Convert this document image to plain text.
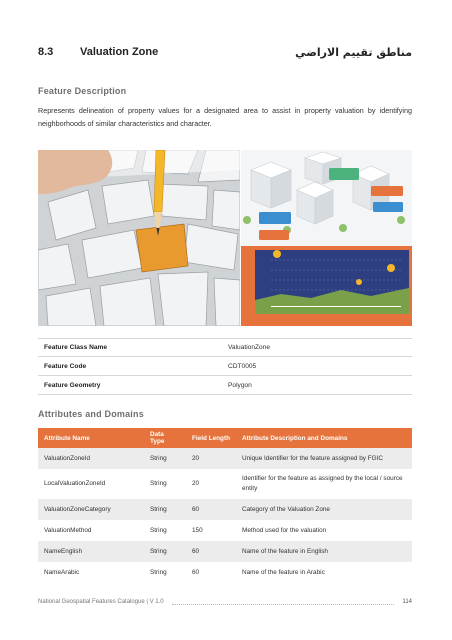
8.3	Valuation Zone	مناطق تقييم الاراضي
Feature Description

Represents delineation of property values for a designated area to assist in property valuation by identifying neighborhoods of similar characteristics and character.

Feature Class Name	ValuationZone
Feature Code	CDT0005
Feature Geometry	Polygon
Attributes and Domains
Attribute Name	Data Type	Field Length	Attribute Description and Domains
ValuationZoneId	String	20	Unique Identifier for the feature assigned by FGIC
LocalValuationZoneId	String	20	Identifier for the feature as assigned by the local / source entity
ValuationZoneCategory	String	60	Category of the Valuation Zone
ValuationMethod	String	150	Method used for the valuation
NameEnglish	String	60	Name of the feature in English
NameArabic	String	60	Name of the feature in Arabic
National Geospatial Features Catalogue | V 1.0	114
